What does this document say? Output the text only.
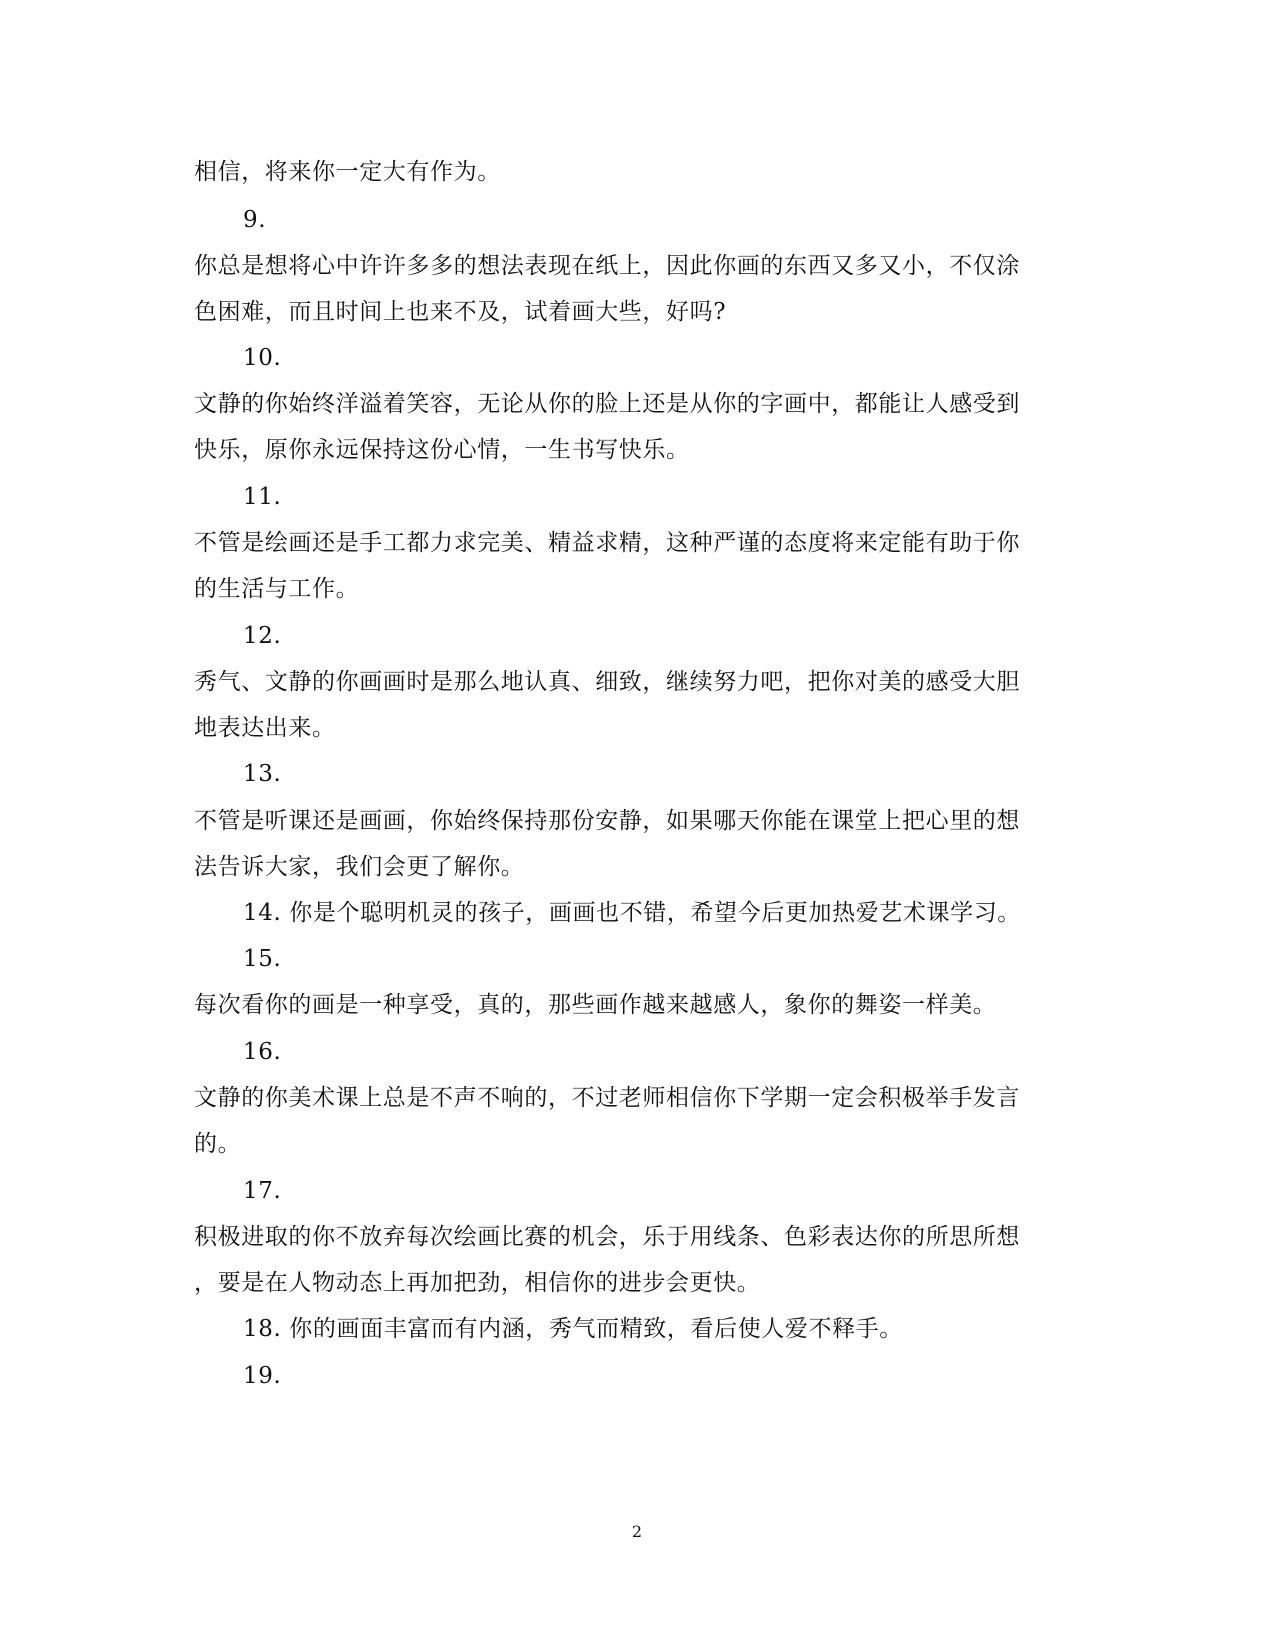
相信，将来你一定大有作为。
9.
你总是想将心中许许多多的想法表现在纸上，因此你画的东西又多又小，不仅涂
色困难，而且时间上也来不及，试着画大些，好吗?
10.
文静的你始终洋溢着笑容，无论从你的脸上还是从你的字画中，都能让人感受到
快乐，原你永远保持这份心情，一生书写快乐。
11.
不管是绘画还是手工都力求完美、精益求精，这种严谨的态度将来定能有助于你
的生活与工作。
12.
秀气、文静的你画画时是那么地认真、细致，继续努力吧，把你对美的感受大胆
地表达出来。
13.
不管是听课还是画画，你始终保持那份安静，如果哪天你能在课堂上把心里的想
法告诉大家，我们会更了解你。
14. 你是个聪明机灵的孩子，画画也不错，希望今后更加热爱艺术课学习。
15.
每次看你的画是一种享受，真的，那些画作越来越感人，象你的舞姿一样美。
16.
文静的你美术课上总是不声不响的，不过老师相信你下学期一定会积极举手发言
的。
17.
积极进取的你不放弃每次绘画比赛的机会，乐于用线条、色彩表达你的所思所想
，要是在人物动态上再加把劲，相信你的进步会更快。
18. 你的画面丰富而有内涵，秀气而精致，看后使人爱不释手。
19.
2
